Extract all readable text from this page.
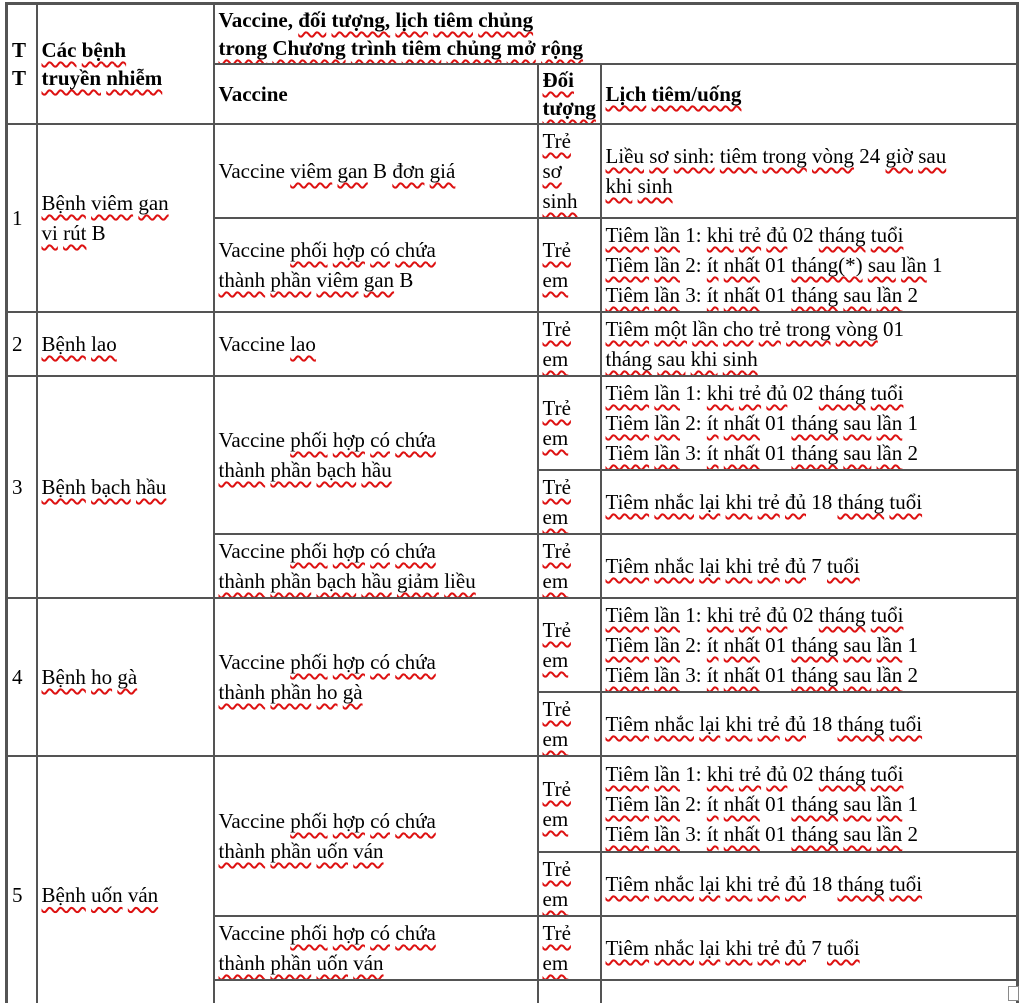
T
T	Các bệnh
truyền nhiễm	Vaccine, đối tượng, lịch tiêm chủng
trong Chương trình tiêm chủng mở rộng		
		Vaccine	Đối
tượng	Lịch tiêm/uống
1	Bệnh viêm gan
vi rút B	Vaccine viêm gan B đơn giá	Trẻ
sơ
sinh	Liều sơ sinh: tiêm trong vòng 24 giờ sau
khi sinh
		Vaccine phối hợp có chứa
thành phần viêm gan B	Trẻ
em	Tiêm lần 1: khi trẻ đủ 02 tháng tuổi
Tiêm lần 2: ít nhất 01 tháng(*) sau lần 1
Tiêm lần 3: ít nhất 01 tháng sau lần 2
2	Bệnh lao	Vaccine lao	Trẻ
em	Tiêm một lần cho trẻ trong vòng 01
tháng sau khi sinh
3	Bệnh bạch hầu	Vaccine phối hợp có chứa
thành phần bạch hầu	Trẻ
em	Tiêm lần 1: khi trẻ đủ 02 tháng tuổi
Tiêm lần 2: ít nhất 01 tháng sau lần 1
Tiêm lần 3: ít nhất 01 tháng sau lần 2
			Trẻ
em	Tiêm nhắc lại khi trẻ đủ 18 tháng tuổi
		Vaccine phối hợp có chứa
thành phần bạch hầu giảm liều	Trẻ
em	Tiêm nhắc lại khi trẻ đủ 7 tuổi
4	Bệnh ho gà	Vaccine phối hợp có chứa
thành phần ho gà	Trẻ
em	Tiêm lần 1: khi trẻ đủ 02 tháng tuổi
Tiêm lần 2: ít nhất 01 tháng sau lần 1
Tiêm lần 3: ít nhất 01 tháng sau lần 2
			Trẻ
em	Tiêm nhắc lại khi trẻ đủ 18 tháng tuổi
5	Bệnh uốn ván	Vaccine phối hợp có chứa
thành phần uốn ván	Trẻ
em	Tiêm lần 1: khi trẻ đủ 02 tháng tuổi
Tiêm lần 2: ít nhất 01 tháng sau lần 1
Tiêm lần 3: ít nhất 01 tháng sau lần 2
			Trẻ
em	Tiêm nhắc lại khi trẻ đủ 18 tháng tuổi
		Vaccine phối hợp có chứa
thành phần uốn ván	Trẻ
em	Tiêm nhắc lại khi trẻ đủ 7 tuổi
